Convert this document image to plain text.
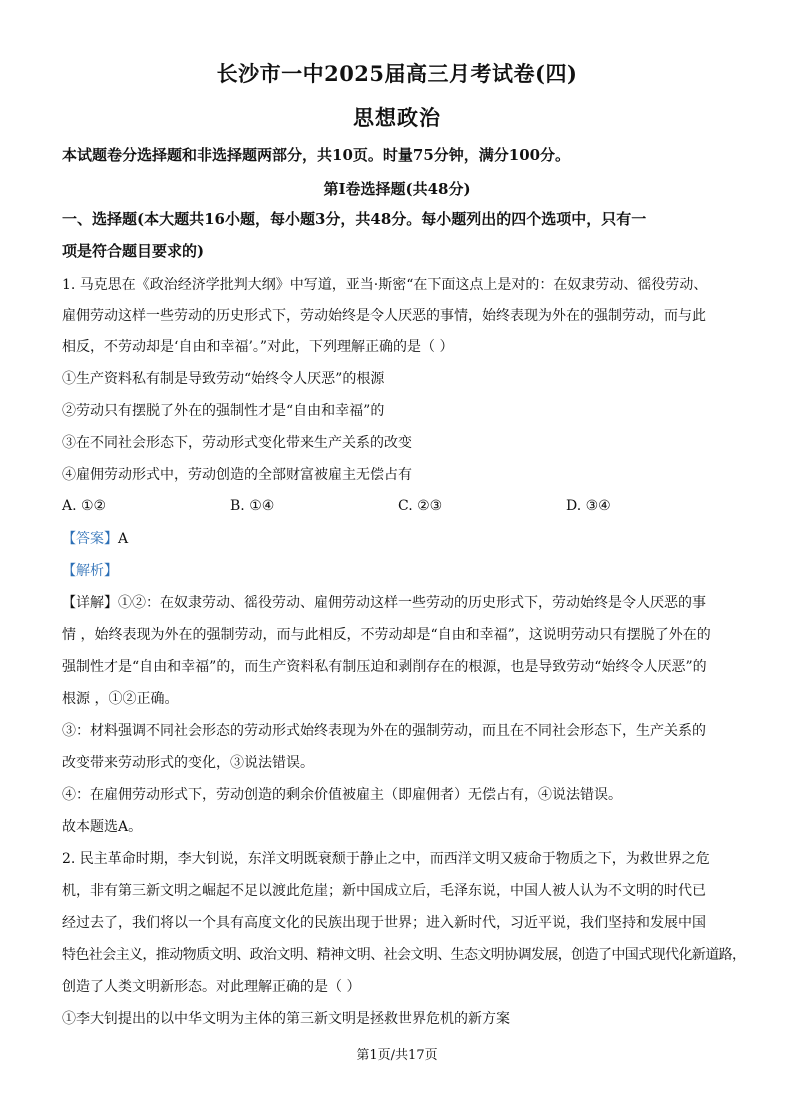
长沙市一中2025届高三月考试卷(四)
思想政治
本试题卷分选择题和非选择题两部分，共10页。时量75分钟，满分100分。
第Ⅰ卷选择题(共48分)
一、选择题(本大题共16小题，每小题3分，共48分。每小题列出的四个选项中，只有一
项是符合题目要求的)
1. 马克思在《政治经济学批判大纲》中写道，亚当·斯密“在下面这点上是对的：在奴隶劳动、徭役劳动、
雇佣劳动这样一些劳动的历史形式下，劳动始终是令人厌恶的事情，始终表现为外在的强制劳动，而与此
相反，不劳动却是‘自由和幸福’。”对此，下列理解正确的是（ ）
①生产资料私有制是导致劳动“始终令人厌恶”的根源
②劳动只有摆脱了外在的强制性才是“自由和幸福”的
③在不同社会形态下，劳动形式变化带来生产关系的改变
④雇佣劳动形式中，劳动创造的全部财富被雇主无偿占有
A. ①②	B. ①④	C. ②③	D. ③④
【答案】A
【解析】
【详解】①②：在奴隶劳动、徭役劳动、雇佣劳动这样一些劳动的历史形式下，劳动始终是令人厌恶的事
情 ，始终表现为外在的强制劳动，而与此相反，不劳动却是“自由和幸福”，这说明劳动只有摆脱了外在的
强制性才是“自由和幸福”的，而生产资料私有制压迫和剥削存在的根源，也是导致劳动“始终令人厌恶”的
根源 ，①②正确。
③：材料强调不同社会形态的劳动形式始终表现为外在的强制劳动，而且在不同社会形态下，生产关系的
改变带来劳动形式的变化，③说法错误。
④：在雇佣劳动形式下，劳动创造的剩余价值被雇主（即雇佣者）无偿占有，④说法错误。
故本题选A。
2. 民主革命时期，李大钊说，东洋文明既衰颓于静止之中，而西洋文明又疲命于物质之下，为救世界之危
机，非有第三新文明之崛起不足以渡此危崖；新中国成立后，毛泽东说，中国人被人认为不文明的时代已
经过去了，我们将以一个具有高度文化的民族出现于世界；进入新时代，习近平说，我们坚持和发展中国
特色社会主义，推动物质文明、政治文明、精神文明、社会文明、生态文明协调发展，创造了中国式现代化新道路，
创造了人类文明新形态。对此理解正确的是（ ）
①李大钊提出的以中华文明为主体的第三新文明是拯救世界危机的新方案
第1页/共17页
